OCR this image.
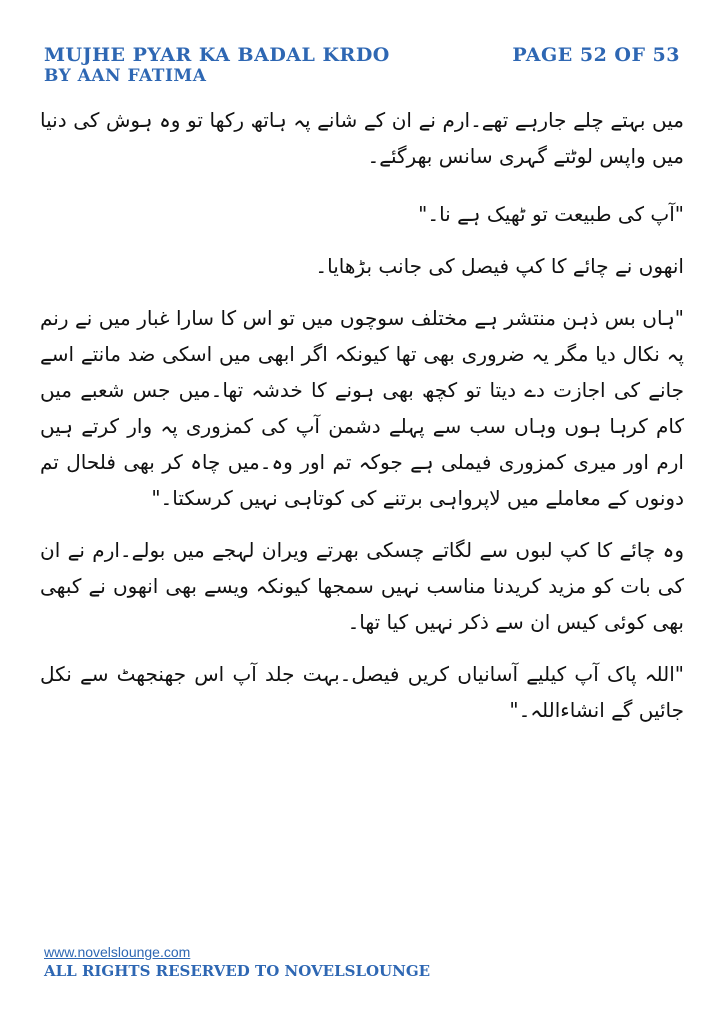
MUJHE PYAR KA BADAL KRDO
BY AAN FATIMA
PAGE 52 OF 53

میں بہتے چلے جارہے تھے۔ارم نے ان کے شانے پہ ہاتھ رکھا تو وہ ہوش کی دنیا میں واپس لوٹتے گہری سانس بھرگئے۔

"آپ کی طبیعت تو ٹھیک ہے نا۔"

انھوں نے چائے کا کپ فیصل کی جانب بڑھایا۔

"ہاں بس ذہن منتشر ہے مختلف سوچوں میں تو اس کا سارا غبار میں نے رنم پہ نکال دیا مگر یہ ضروری بھی تھا کیونکہ اگر ابھی میں اسکی ضد مانتے اسے جانے کی اجازت دے دیتا تو کچھ بھی ہونے کا خدشہ تھا۔میں جس شعبے میں کام کرہا ہوں وہاں سب سے پہلے دشمن آپ کی کمزوری پہ وار کرتے ہیں ارم اور میری کمزوری فیملی ہے جوکہ تم اور وہ۔میں چاہ کر بھی فلحال تم دونوں کے معاملے میں لاپرواہی برتنے کی کوتاہی نہیں کرسکتا۔"

وہ چائے کا کپ لبوں سے لگاتے چسکی بھرتے ویران لہجے میں بولے۔ارم نے ان کی بات کو مزید کریدنا مناسب نہیں سمجھا کیونکہ ویسے بھی انھوں نے کبھی بھی کوئی کیس ان سے ذکر نہیں کیا تھا۔

"اللہ پاک آپ کیلیے آسانیاں کریں فیصل۔بہت جلد آپ اس جھنجھٹ سے نکل جائیں گے انشاءاللہ۔"

www.novelslounge.com
ALL RIGHTS RESERVED TO NOVELSLOUNGE
